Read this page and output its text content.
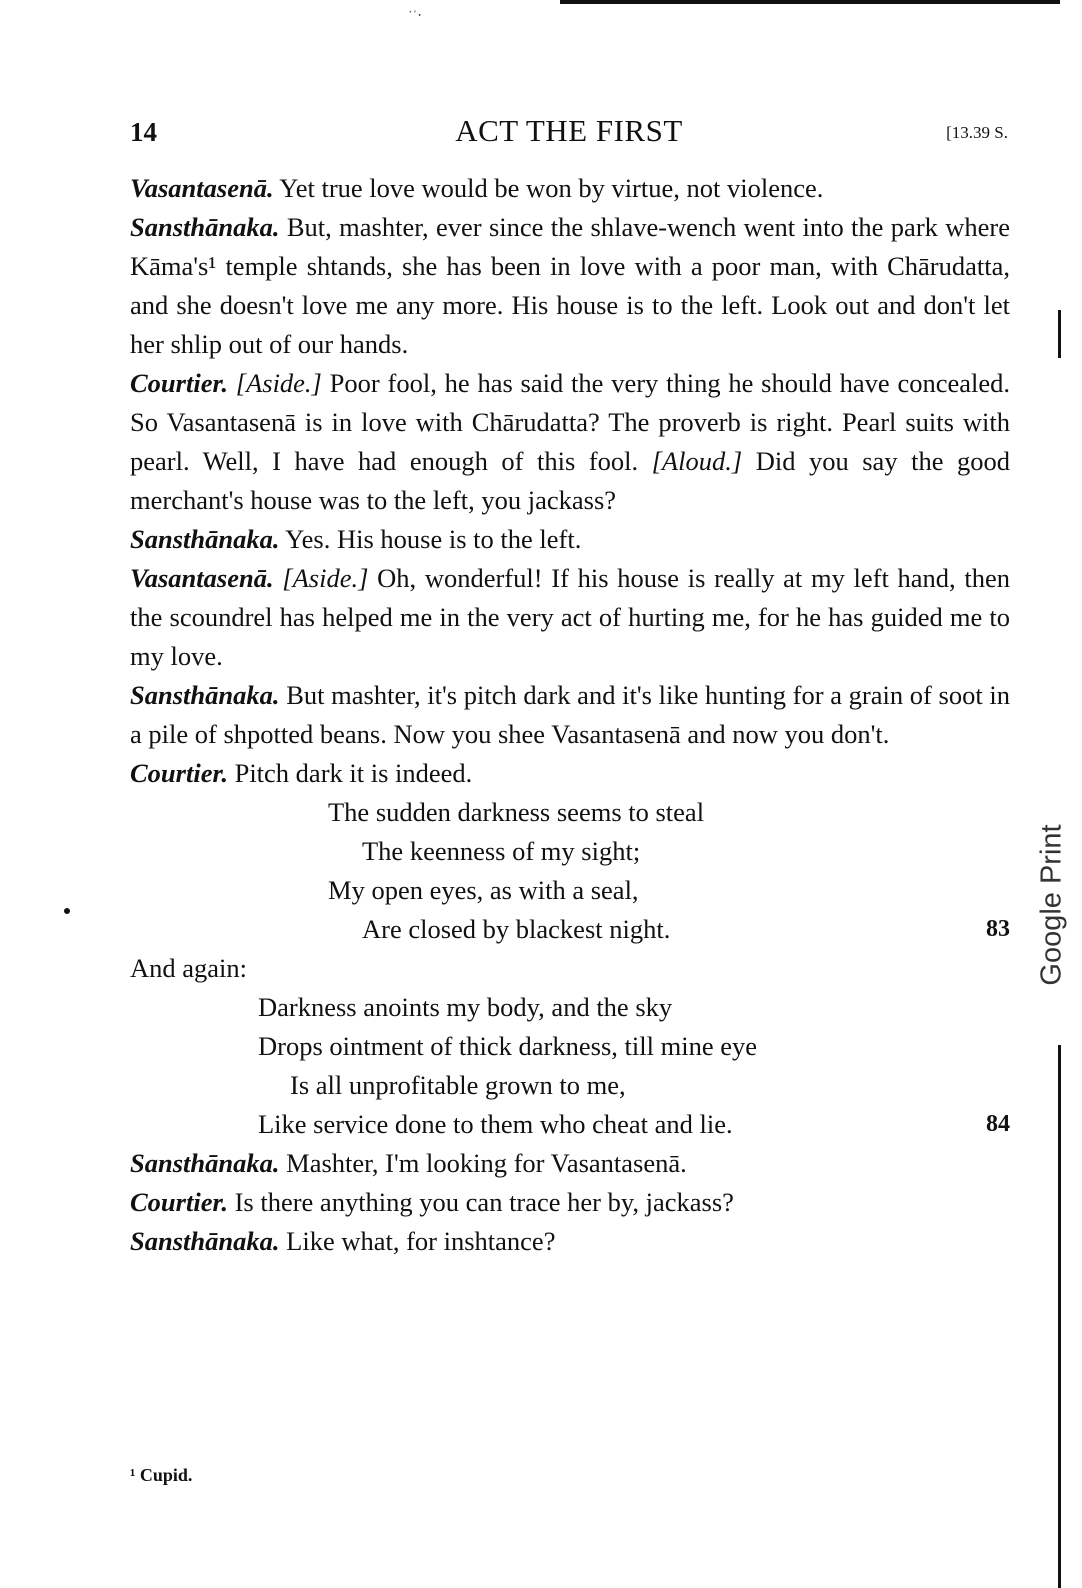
˙ˈ‧
Google Print
14	ACT THE FIRST	[13.39 S.

Vasantasenā. Yet true love would be won by virtue, not violence.

Sansthānaka. But, mashter, ever since the shlave-wench went into the park where Kāma's¹ temple shtands, she has been in love with a poor man, with Chārudatta, and she doesn't love me any more. His house is to the left. Look out and don't let her shlip out of our hands.

Courtier. [Aside.] Poor fool, he has said the very thing he should have concealed. So Vasantasenā is in love with Chārudatta? The proverb is right. Pearl suits with pearl. Well, I have had enough of this fool. [Aloud.] Did you say the good merchant's house was to the left, you jackass?

Sansthānaka. Yes. His house is to the left.

Vasantasenā. [Aside.] Oh, wonderful! If his house is really at my left hand, then the scoundrel has helped me in the very act of hurting me, for he has guided me to my love.

Sansthānaka. But mashter, it's pitch dark and it's like hunting for a grain of soot in a pile of shpotted beans. Now you shee Vasantasenā and now you don't.

Courtier. Pitch dark it is indeed.

The sudden darkness seems to steal
The keenness of my sight;
My open eyes, as with a seal,
Are closed by blackest night.	83

And again:

Darkness anoints my body, and the sky
Drops ointment of thick darkness, till mine eye
Is all unprofitable grown to me,
Like service done to them who cheat and lie.	84

Sansthānaka. Mashter, I'm looking for Vasantasenā.

Courtier. Is there anything you can trace her by, jackass?

Sansthānaka. Like what, for inshtance?

¹ Cupid.
